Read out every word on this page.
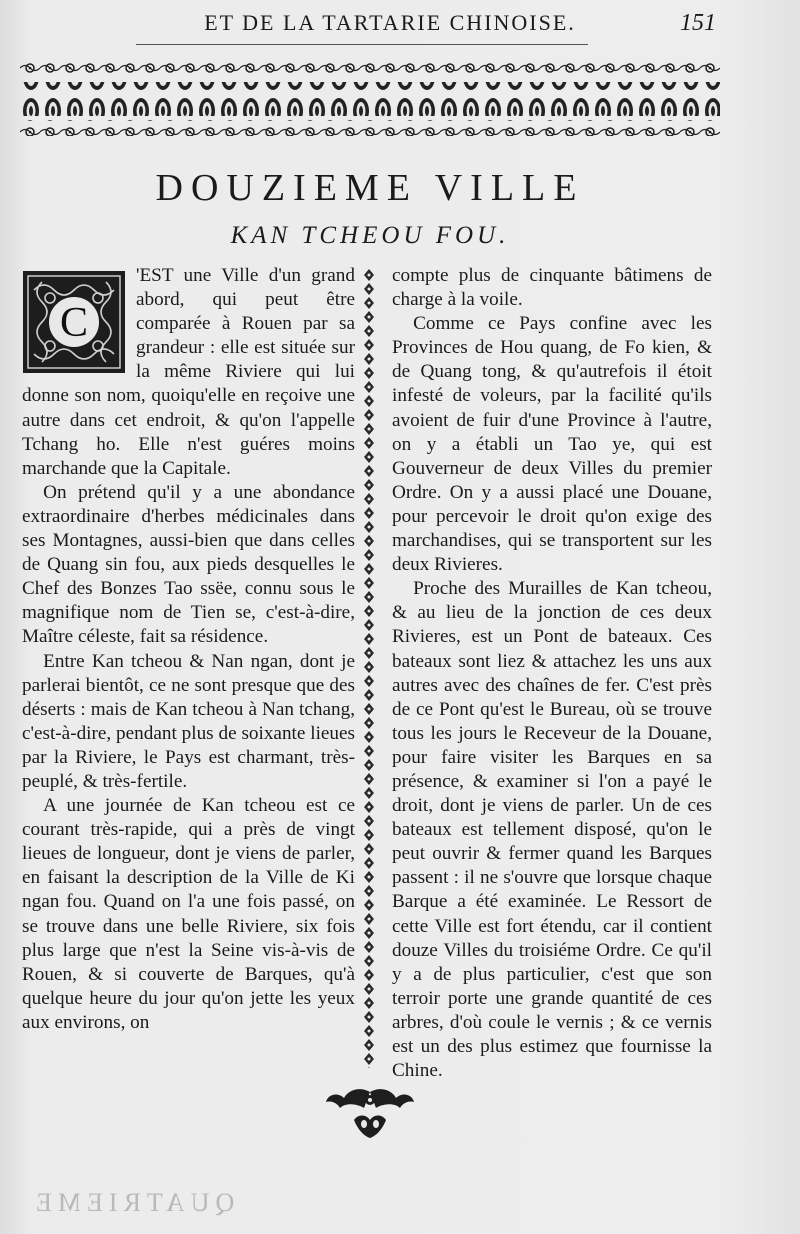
ET DE LA TARTARIE CHINOISE.	151
DOUZIEME VILLE
KAN TCHEOU FOU.
C

'EST une Ville d'un grand abord, qui peut être comparée à Rouen par sa grandeur : elle est située sur la même Riviere qui lui donne son nom, quoiqu'elle en reçoive une autre dans cet endroit, & qu'on l'appelle Tchang ho. Elle n'est guéres moins marchande que la Capitale.

On prétend qu'il y a une abondance extraordinaire d'herbes médicinales dans ses Montagnes, aussi-bien que dans celles de Quang sin fou, aux pieds desquelles le Chef des Bonzes Tao ssëe, connu sous le magnifique nom de Tien se, c'est-à-dire, Maître céleste, fait sa résidence.

Entre Kan tcheou & Nan ngan, dont je parlerai bientôt, ce ne sont presque que des déserts : mais de Kan tcheou à Nan tchang, c'est-à-dire, pendant plus de soixante lieues par la Riviere, le Pays est charmant, très-peuplé, & très-fertile.

A une journée de Kan tcheou est ce courant très-rapide, qui a près de vingt lieues de longueur, dont je viens de parler, en faisant la description de la Ville de Ki ngan fou. Quand on l'a une fois passé, on se trouve dans une belle Riviere, six fois plus large que n'est la Seine vis-à-vis de Rouen, & si couverte de Barques, qu'à quelque heure du jour qu'on jette les yeux aux environs, on

compte plus de cinquante bâtimens de charge à la voile.

Comme ce Pays confine avec les Provinces de Hou quang, de Fo kien, & de Quang tong, & qu'autrefois il étoit infesté de voleurs, par la facilité qu'ils avoient de fuir d'une Province à l'autre, on y a établi un Tao ye, qui est Gouverneur de deux Villes du premier Ordre. On y a aussi placé une Douane, pour percevoir le droit qu'on exige des marchandises, qui se transportent sur les deux Rivieres.

Proche des Murailles de Kan tcheou, & au lieu de la jonction de ces deux Rivieres, est un Pont de bateaux. Ces bateaux sont liez & attachez les uns aux autres avec des chaînes de fer. C'est près de ce Pont qu'est le Bureau, où se trouve tous les jours le Receveur de la Douane, pour faire visiter les Barques en sa présence, & examiner si l'on a payé le droit, dont je viens de parler. Un de ces bateaux est tellement disposé, qu'on le peut ouvrir & fermer quand les Barques passent : il ne s'ouvre que lorsque chaque Barque a été examinée. Le Ressort de cette Ville est fort étendu, car il contient douze Villes du troisiéme Ordre. Ce qu'il y a de plus particulier, c'est que son terroir porte une grande quantité de ces arbres, d'où coule le vernis ; & ce vernis est un des plus estimez que fournisse la Chine.

QUATRIEME
